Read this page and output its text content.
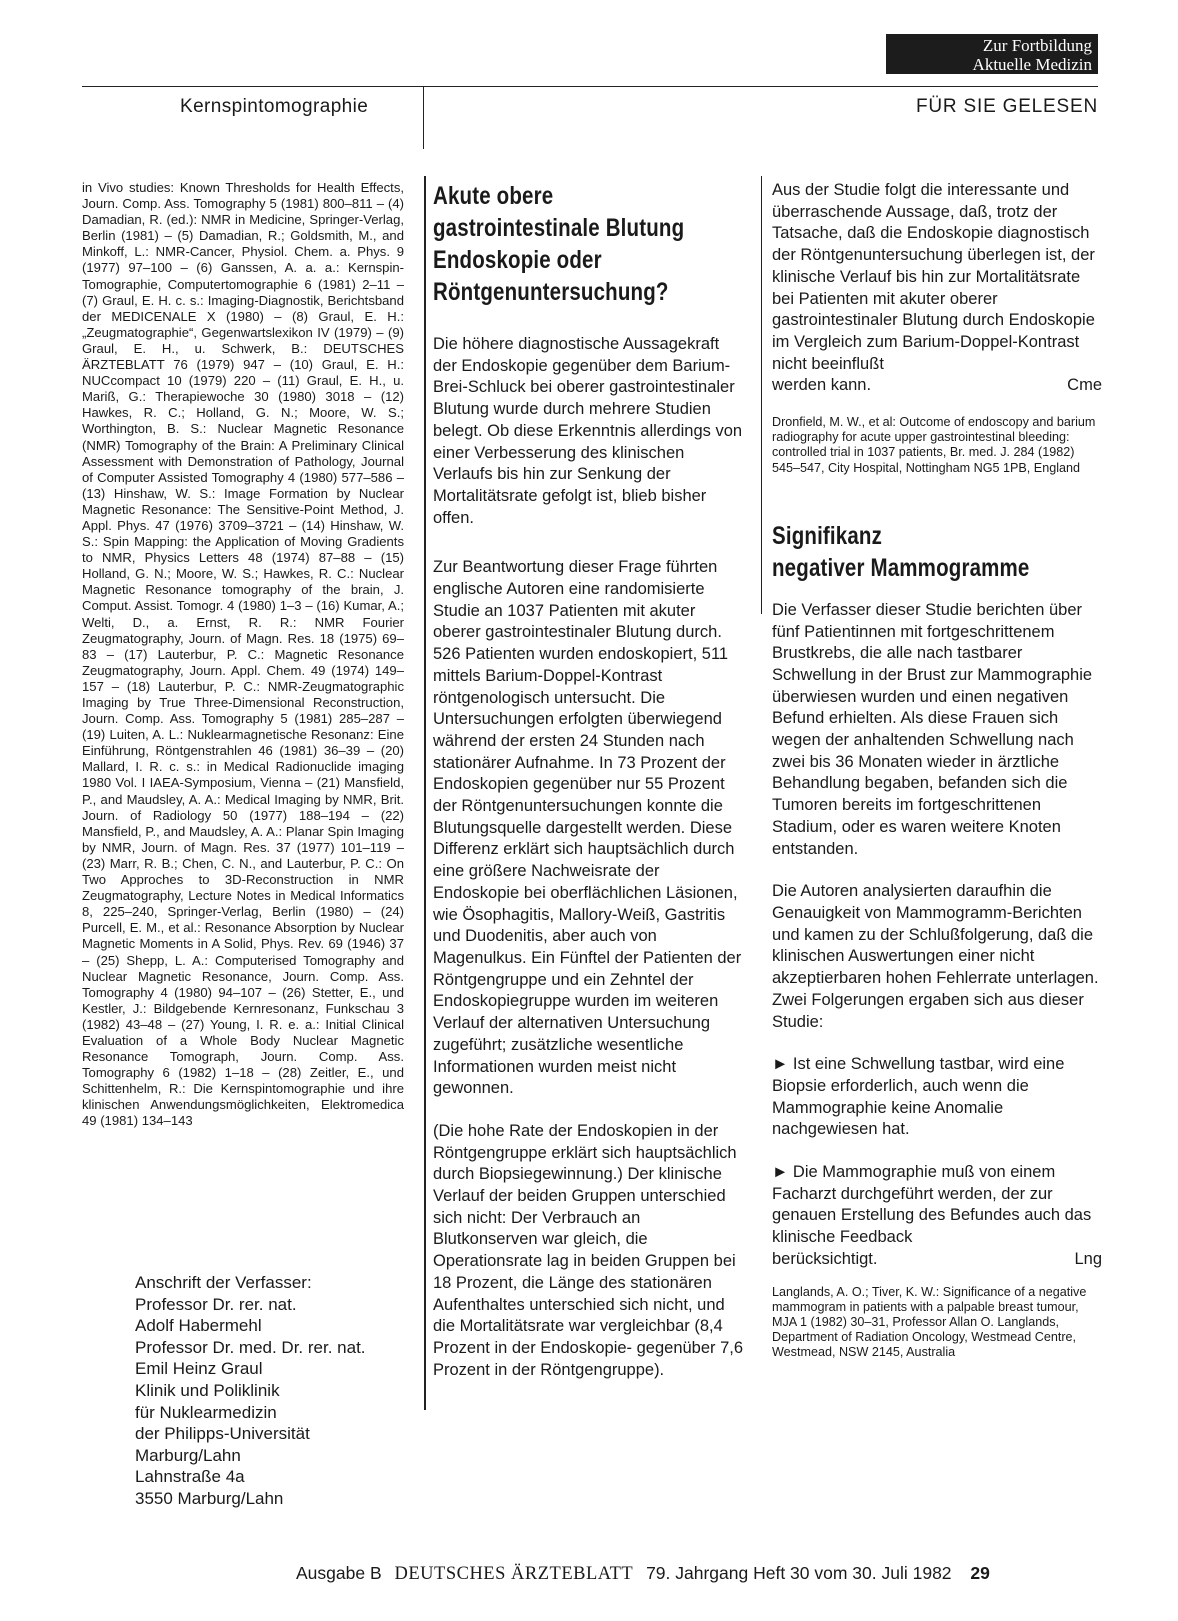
Zur Fortbildung
Aktuelle Medizin
Kernspintomographie	FÜR SIE GELESEN

in Vivo studies: Known Thresholds for Health Effects, Journ. Comp. Ass. Tomography 5 (1981) 800–811 – (4) Damadian, R. (ed.): NMR in Medicine, Springer-Verlag, Berlin (1981) – (5) Damadian, R.; Goldsmith, M., and Minkoff, L.: NMR-Cancer, Physiol. Chem. a. Phys. 9 (1977) 97–100 – (6) Ganssen, A. a. a.: Kernspin-Tomographie, Computertomographie 6 (1981) 2–11 – (7) Graul, E. H. c. s.: Imaging-Diagnostik, Berichtsband der MEDICENALE X (1980) – (8) Graul, E. H.: „Zeugmatographie“, Gegenwartslexikon IV (1979) – (9) Graul, E. H., u. Schwerk, B.: DEUTSCHES ÄRZTEBLATT 76 (1979) 947 – (10) Graul, E. H.: NUCcompact 10 (1979) 220 – (11) Graul, E. H., u. Mariß, G.: Therapiewoche 30 (1980) 3018 – (12) Hawkes, R. C.; Holland, G. N.; Moore, W. S.; Worthington, B. S.: Nuclear Magnetic Resonance (NMR) Tomography of the Brain: A Preliminary Clinical Assessment with Demonstration of Pathology, Journal of Computer Assisted Tomography 4 (1980) 577–586 – (13) Hinshaw, W. S.: Image Formation by Nuclear Magnetic Resonance: The Sensitive-Point Method, J. Appl. Phys. 47 (1976) 3709–3721 – (14) Hinshaw, W. S.: Spin Mapping: the Application of Moving Gradients to NMR, Physics Letters 48 (1974) 87–88 – (15) Holland, G. N.; Moore, W. S.; Hawkes, R. C.: Nuclear Magnetic Resonance tomography of the brain, J. Comput. Assist. Tomogr. 4 (1980) 1–3 – (16) Kumar, A.; Welti, D., a. Ernst, R. R.: NMR Fourier Zeugmatography, Journ. of Magn. Res. 18 (1975) 69–83 – (17) Lauterbur, P. C.: Magnetic Resonance Zeugmatography, Journ. Appl. Chem. 49 (1974) 149–157 – (18) Lauterbur, P. C.: NMR-Zeugmatographic Imaging by True Three-Dimensional Reconstruction, Journ. Comp. Ass. Tomography 5 (1981) 285–287 – (19) Luiten, A. L.: Nuklearmagnetische Resonanz: Eine Einführung, Röntgenstrahlen 46 (1981) 36–39 – (20) Mallard, I. R. c. s.: in Medical Radionuclide imaging 1980 Vol. I IAEA-Symposium, Vienna – (21) Mansfield, P., and Maudsley, A. A.: Medical Imaging by NMR, Brit. Journ. of Radiology 50 (1977) 188–194 – (22) Mansfield, P., and Maudsley, A. A.: Planar Spin Imaging by NMR, Journ. of Magn. Res. 37 (1977) 101–119 – (23) Marr, R. B.; Chen, C. N., and Lauterbur, P. C.: On Two Approches to 3D-Reconstruction in NMR Zeugmatography, Lecture Notes in Medical Informatics 8, 225–240, Springer-Verlag, Berlin (1980) – (24) Purcell, E. M., et al.: Resonance Absorption by Nuclear Magnetic Moments in A Solid, Phys. Rev. 69 (1946) 37 – (25) Shepp, L. A.: Computerised Tomography and Nuclear Magnetic Resonance, Journ. Comp. Ass. Tomography 4 (1980) 94–107 – (26) Stetter, E., und Kestler, J.: Bildgebende Kernresonanz, Funkschau 3 (1982) 43–48 – (27) Young, I. R. e. a.: Initial Clinical Evaluation of a Whole Body Nuclear Magnetic Resonance Tomograph, Journ. Comp. Ass. Tomography 6 (1982) 1–18 – (28) Zeitler, E., und Schittenhelm, R.: Die Kernspintomographie und ihre klinischen Anwendungsmöglichkeiten, Elektromedica 49 (1981) 134–143

Anschrift der Verfasser:
Professor Dr. rer. nat.
Adolf Habermehl
Professor Dr. med. Dr. rer. nat.
Emil Heinz Graul
Klinik und Poliklinik
für Nuklearmedizin
der Philipps-Universität
Marburg/Lahn
Lahnstraße 4a
3550 Marburg/Lahn
Akute obere
gastrointestinale Blutung
Endoskopie oder
Röntgenuntersuchung?

Die höhere diagnostische Aussagekraft der Endoskopie gegenüber dem Barium-Brei-Schluck bei oberer gastrointestinaler Blutung wurde durch mehrere Studien belegt. Ob diese Erkenntnis allerdings von einer Verbesserung des klinischen Verlaufs bis hin zur Senkung der Mortalitätsrate gefolgt ist, blieb bisher offen.

Zur Beantwortung dieser Frage führten englische Autoren eine randomisierte Studie an 1037 Patienten mit akuter oberer gastrointestinaler Blutung durch. 526 Patienten wurden endoskopiert, 511 mittels Barium-Doppel-Kontrast röntgenologisch untersucht. Die Untersuchungen erfolgten überwiegend während der ersten 24 Stunden nach stationärer Aufnahme. In 73 Prozent der Endoskopien gegenüber nur 55 Prozent der Röntgenuntersuchungen konnte die Blutungsquelle dargestellt werden. Diese Differenz erklärt sich hauptsächlich durch eine größere Nachweisrate der Endoskopie bei oberflächlichen Läsionen, wie Ösophagitis, Mallory-Weiß, Gastritis und Duodenitis, aber auch von Magenulkus. Ein Fünftel der Patienten der Röntgengruppe und ein Zehntel der Endoskopiegruppe wurden im weiteren Verlauf der alternativen Untersuchung zugeführt; zusätzliche wesentliche Informationen wurden meist nicht gewonnen.

(Die hohe Rate der Endoskopien in der Röntgengruppe erklärt sich hauptsächlich durch Biopsiegewinnung.) Der klinische Verlauf der beiden Gruppen unterschied sich nicht: Der Verbrauch an Blutkonserven war gleich, die Operationsrate lag in beiden Gruppen bei 18 Prozent, die Länge des stationären Aufenthaltes unterschied sich nicht, und die Mortalitätsrate war vergleichbar (8,4 Prozent in der Endoskopie- gegenüber 7,6 Prozent in der Röntgengruppe).

Aus der Studie folgt die interessante und überraschende Aussage, daß, trotz der Tatsache, daß die Endoskopie diagnostisch der Röntgenuntersuchung überlegen ist, der klinische Verlauf bis hin zur Mortalitätsrate bei Patienten mit akuter oberer gastrointestinaler Blutung durch Endoskopie im Vergleich zum Barium-Doppel-Kontrast nicht beeinflußt

werden kann.	Cme

Dronfield, M. W., et al: Outcome of endoscopy and barium radiography for acute upper gastrointestinal bleeding: controlled trial in 1037 patients, Br. med. J. 284 (1982) 545–547, City Hospital, Nottingham NG5 1PB, England

Signifikanz
negativer Mammogramme

Die Verfasser dieser Studie berichten über fünf Patientinnen mit fortgeschrittenem Brustkrebs, die alle nach tastbarer Schwellung in der Brust zur Mammographie überwiesen wurden und einen negativen Befund erhielten. Als diese Frauen sich wegen der anhaltenden Schwellung nach zwei bis 36 Monaten wieder in ärztliche Behandlung begaben, befanden sich die Tumoren bereits im fortgeschrittenen Stadium, oder es waren weitere Knoten entstanden.

Die Autoren analysierten daraufhin die Genauigkeit von Mammogramm-Berichten und kamen zu der Schlußfolgerung, daß die klinischen Auswertungen einer nicht akzeptierbaren hohen Fehlerrate unterlagen. Zwei Folgerungen ergaben sich aus dieser Studie:

► Ist eine Schwellung tastbar, wird eine Biopsie erforderlich, auch wenn die Mammographie keine Anomalie nachgewiesen hat.

► Die Mammographie muß von einem Facharzt durchgeführt werden, der zur genauen Erstellung des Befundes auch das klinische Feedback

berücksichtigt.	Lng

Langlands, A. O.; Tiver, K. W.: Significance of a negative mammogram in patients with a palpable breast tumour, MJA 1 (1982) 30–31, Professor Allan O. Langlands, Department of Radiation Oncology, Westmead Centre, Westmead, NSW 2145, Australia

Ausgabe B DEUTSCHES ÄRZTEBLATT 79. Jahrgang Heft 30 vom 30. Juli 1982 29
